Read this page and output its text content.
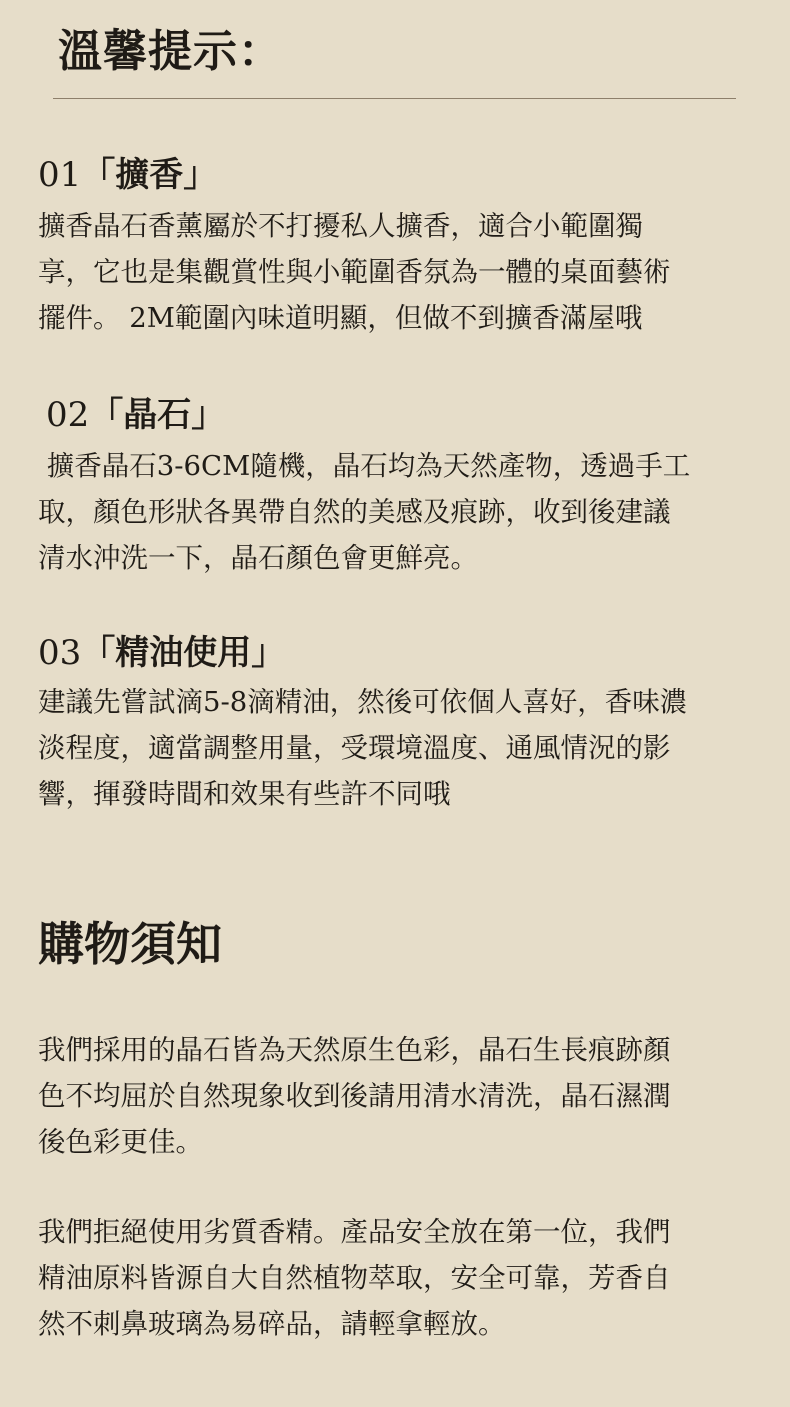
溫馨提示：
01「擴香」

擴香晶石香薰屬於不打擾私人擴香，適合小範圍獨
享，它也是集觀賞性與小範圍香氛為一體的桌面藝術
擺件。 2M範圍內味道明顯，但做不到擴香滿屋哦

02「晶石」

擴香晶石3-6CM隨機，晶石均為天然產物，透過手工
取，顏色形狀各異帶自然的美感及痕跡，收到後建議
清水沖洗一下，晶石顏色會更鮮亮。

03「精油使用」

建議先嘗試滴5-8滴精油，然後可依個人喜好，香味濃
淡程度，適當調整用量，受環境溫度、通風情況的影
響，揮發時間和效果有些許不同哦

購物須知

我們採用的晶石皆為天然原生色彩，晶石生長痕跡顏
色不均屈於自然現象收到後請用清水清洗，晶石濕潤
後色彩更佳。

我們拒絕使用劣質香精。產品安全放在第一位，我們
精油原料皆源自大自然植物萃取，安全可靠，芳香自
然不刺鼻玻璃為易碎品，請輕拿輕放。
